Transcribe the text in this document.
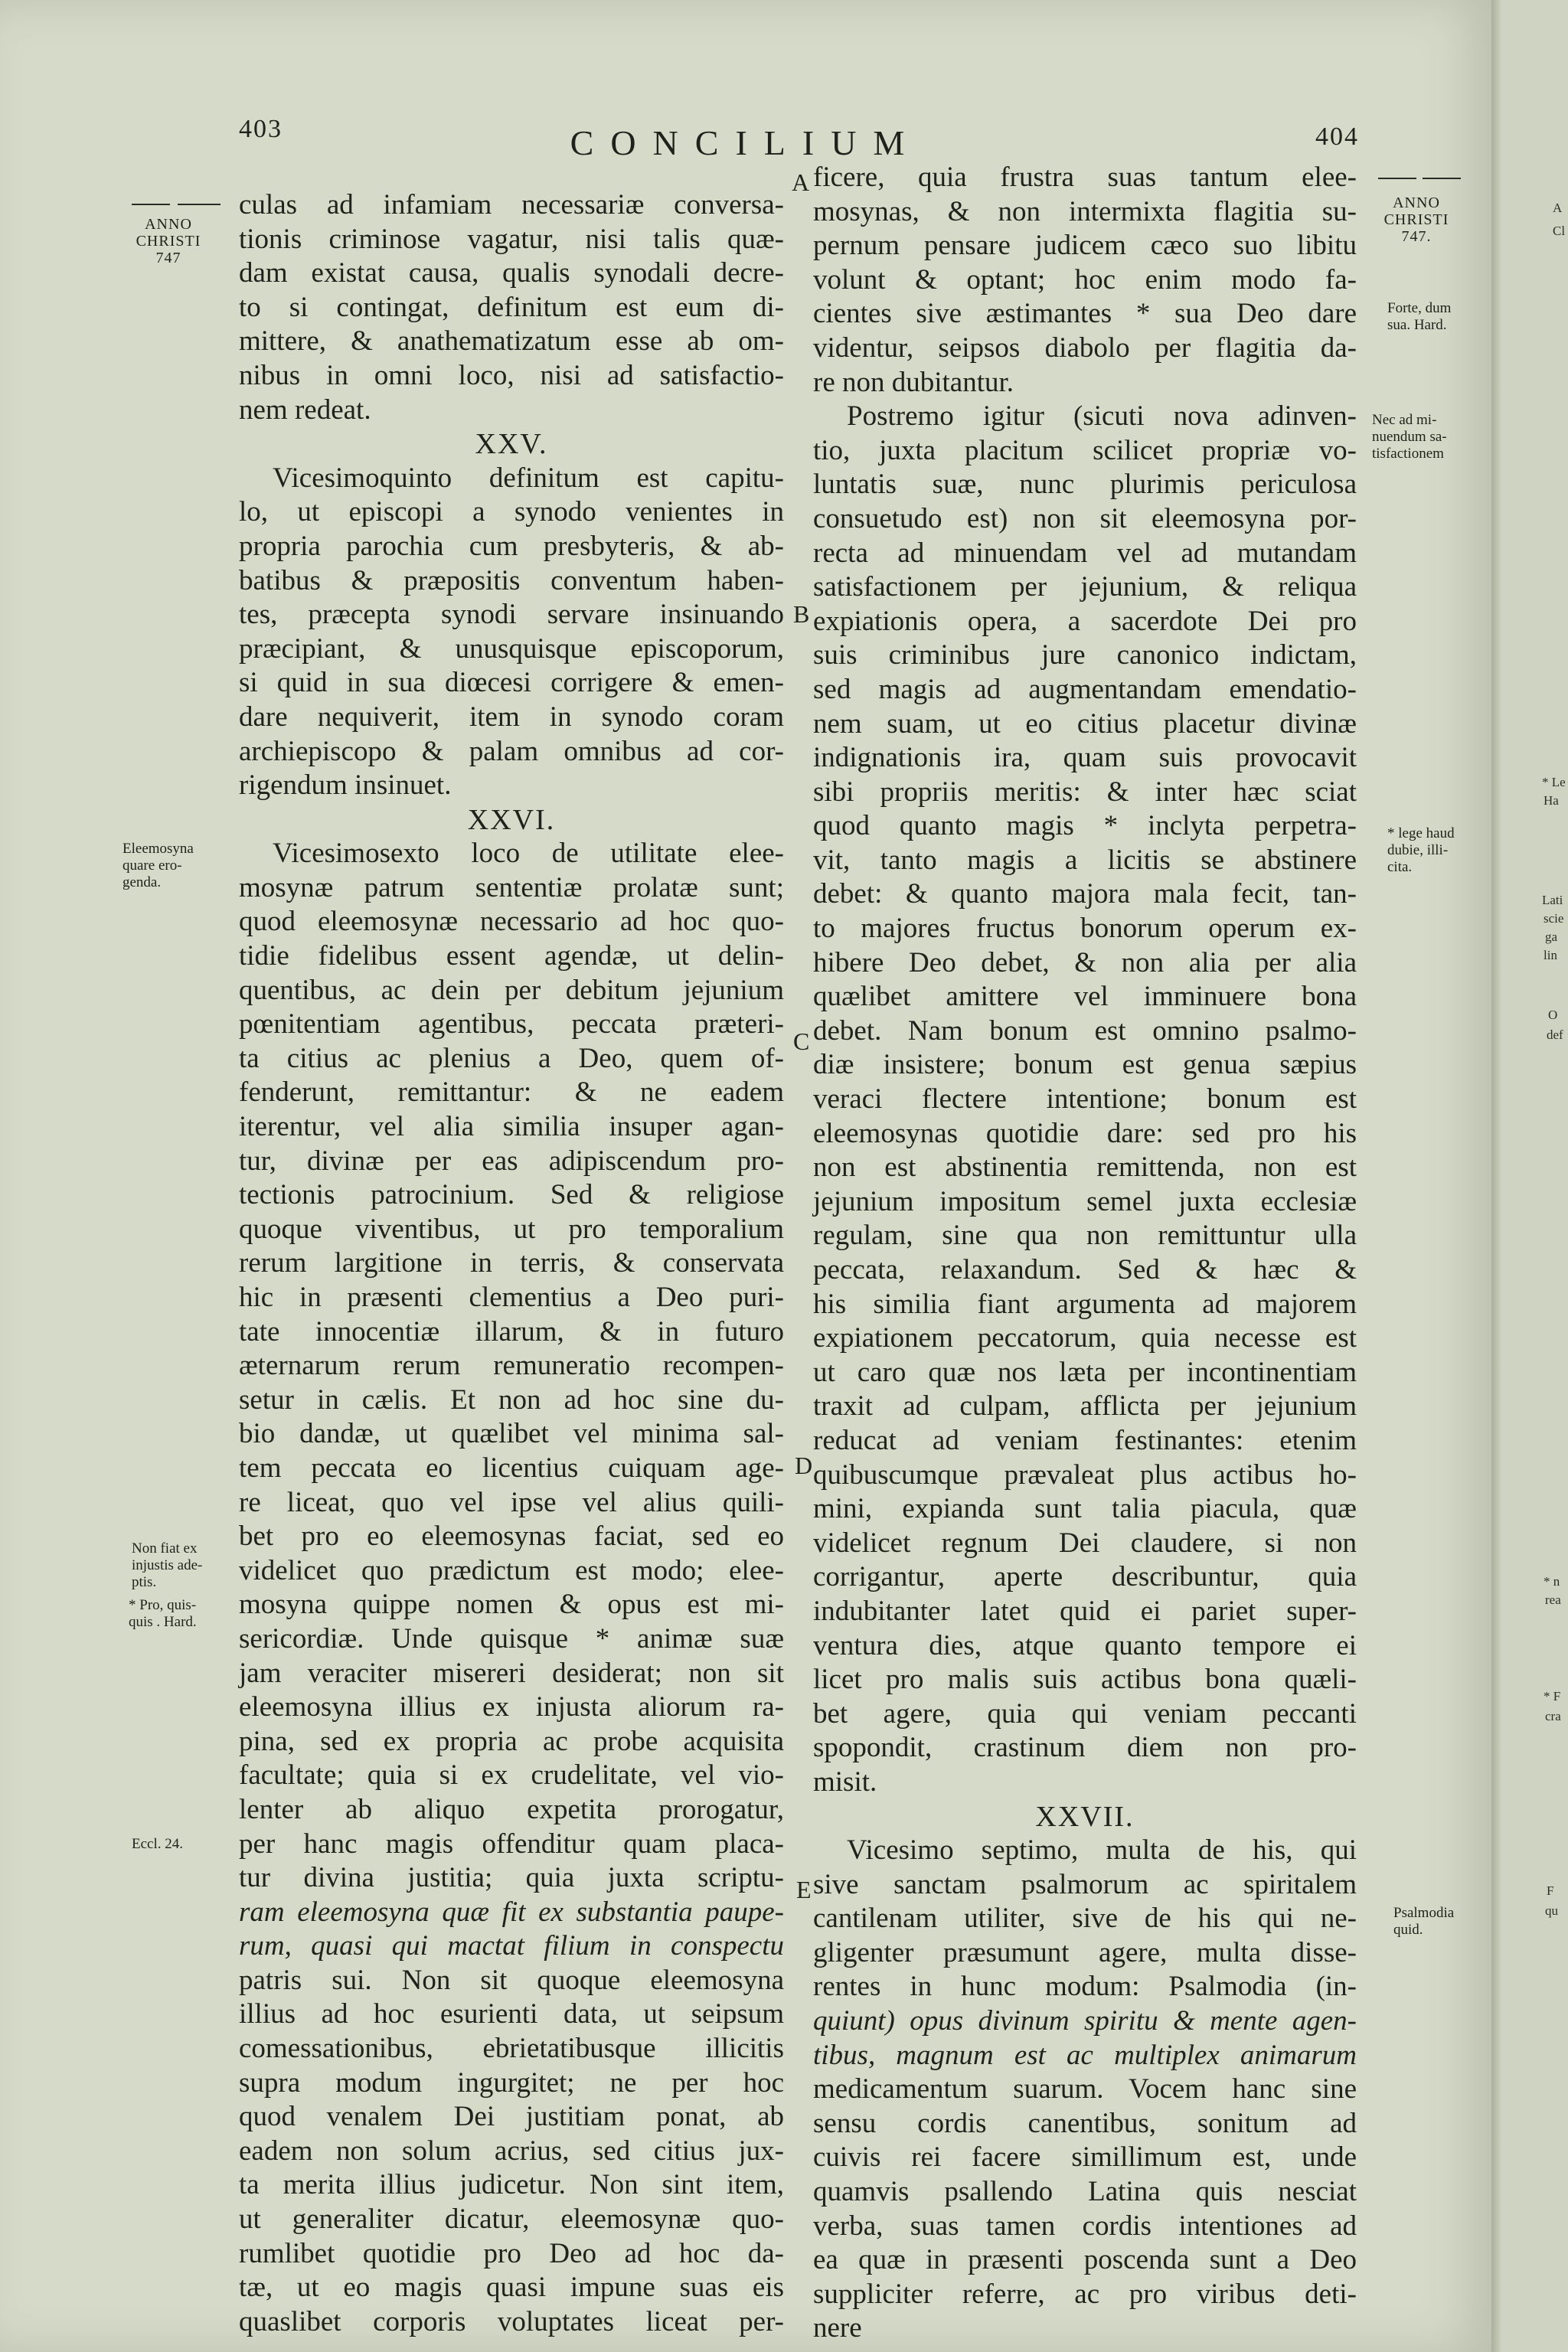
403	CONCILIUM	404
ANNO
CHRISTI
747
Eleemosyna
quare ero-
genda.
Non fiat ex
injustis ade-
ptis.
* Pro, quis-
quis . Hard.
Eccl. 24.
ANNO
CHRISTI
747.
Forte, dum
sua. Hard.
Nec ad mi-
nuendum sa-
tisfactionem
* lege haud
dubie, illi-
cita.
Psalmodia
quid.
A
B
C
D
E

culas ad infamiam necessariæ conversa-

tionis criminose vagatur, nisi talis quæ-

dam existat causa, qualis synodali decre-

to si contingat, definitum est eum di-

mittere, & anathematizatum esse ab om-

nibus in omni loco, nisi ad satisfactio-

nem redeat.

XXV.

Vicesimoquinto definitum est capitu-

lo, ut episcopi a synodo venientes in

propria parochia cum presbyteris, & ab-

batibus & præpositis conventum haben-

tes, præcepta synodi servare insinuando

præcipiant, & unusquisque episcoporum,

si quid in sua diœcesi corrigere & emen-

dare nequiverit, item in synodo coram

archiepiscopo & palam omnibus ad cor-

rigendum insinuet.

XXVI.

Vicesimosexto loco de utilitate elee-

mosynæ patrum sententiæ prolatæ sunt;

quod eleemosynæ necessario ad hoc quo-

tidie fidelibus essent agendæ, ut delin-

quentibus, ac dein per debitum jejunium

pœnitentiam agentibus, peccata præteri-

ta citius ac plenius a Deo, quem of-

fenderunt, remittantur: & ne eadem

iterentur, vel alia similia insuper agan-

tur, divinæ per eas adipiscendum pro-

tectionis patrocinium. Sed & religiose

quoque viventibus, ut pro temporalium

rerum largitione in terris, & conservata

hic in præsenti clementius a Deo puri-

tate innocentiæ illarum, & in futuro

æternarum rerum remuneratio recompen-

setur in cælis. Et non ad hoc sine du-

bio dandæ, ut quælibet vel minima sal-

tem peccata eo licentius cuiquam age-

re liceat, quo vel ipse vel alius quili-

bet pro eo eleemosynas faciat, sed eo

videlicet quo prædictum est modo; elee-

mosyna quippe nomen & opus est mi-

sericordiæ. Unde quisque * animæ suæ

jam veraciter misereri desiderat; non sit

eleemosyna illius ex injusta aliorum ra-

pina, sed ex propria ac probe acquisita

facultate; quia si ex crudelitate, vel vio-

lenter ab aliquo expetita prorogatur,

per hanc magis offenditur quam placa-

tur divina justitia; quia juxta scriptu-

ram eleemosyna quæ fit ex substantia paupe-

rum, quasi qui mactat filium in conspectu

patris sui. Non sit quoque eleemosyna

illius ad hoc esurienti data, ut seipsum

comessationibus, ebrietatibusque illicitis

supra modum ingurgitet; ne per hoc

quod venalem Dei justitiam ponat, ab

eadem non solum acrius, sed citius jux-

ta merita illius judicetur. Non sint item,

ut generaliter dicatur, eleemosynæ quo-

rumlibet quotidie pro Deo ad hoc da-

tæ, ut eo magis quasi impune suas eis

quaslibet corporis voluptates liceat per-

ficere, quia frustra suas tantum elee-

mosynas, & non intermixta flagitia su-

pernum pensare judicem cæco suo libitu

volunt & optant; hoc enim modo fa-

cientes sive æstimantes * sua Deo dare

videntur, seipsos diabolo per flagitia da-

re non dubitantur.

Postremo igitur (sicuti nova adinven-

tio, juxta placitum scilicet propriæ vo-

luntatis suæ, nunc plurimis periculosa

consuetudo est) non sit eleemosyna por-

recta ad minuendam vel ad mutandam

satisfactionem per jejunium, & reliqua

expiationis opera, a sacerdote Dei pro

suis criminibus jure canonico indictam,

sed magis ad augmentandam emendatio-

nem suam, ut eo citius placetur divinæ

indignationis ira, quam suis provocavit

sibi propriis meritis: & inter hæc sciat

quod quanto magis * inclyta perpetra-

vit, tanto magis a licitis se abstinere

debet: & quanto majora mala fecit, tan-

to majores fructus bonorum operum ex-

hibere Deo debet, & non alia per alia

quælibet amittere vel imminuere bona

debet. Nam bonum est omnino psalmo-

diæ insistere; bonum est genua sæpius

veraci flectere intentione; bonum est

eleemosynas quotidie dare: sed pro his

non est abstinentia remittenda, non est

jejunium impositum semel juxta ecclesiæ

regulam, sine qua non remittuntur ulla

peccata, relaxandum. Sed & hæc &

his similia fiant argumenta ad majorem

expiationem peccatorum, quia necesse est

ut caro quæ nos læta per incontinentiam

traxit ad culpam, afflicta per jejunium

reducat ad veniam festinantes: etenim

quibuscumque prævaleat plus actibus ho-

mini, expianda sunt talia piacula, quæ

videlicet regnum Dei claudere, si non

corrigantur, aperte describuntur, quia

indubitanter latet quid ei pariet super-

ventura dies, atque quanto tempore ei

licet pro malis suis actibus bona quæli-

bet agere, quia qui veniam peccanti

spopondit, crastinum diem non pro-

misit.

XXVII.

Vicesimo septimo, multa de his, qui

sive sanctam psalmorum ac spiritalem

cantilenam utiliter, sive de his qui ne-

gligenter præsumunt agere, multa disse-

rentes in hunc modum: Psalmodia (in-

quiunt) opus divinum spiritu & mente agen-

tibus, magnum est ac multiplex animarum

medicamentum suarum. Vocem hanc sine

sensu cordis canentibus, sonitum ad

cuivis rei facere simillimum est, unde

quamvis psallendo Latina quis nesciat

verba, suas tamen cordis intentiones ad

ea quæ in præsenti poscenda sunt a Deo

suppliciter referre, ac pro viribus deti-

nere

A
Cl
* Le
Ha
Lati
scie
ga
lin
O
def
* n
rea
* F
cra
F
qu
